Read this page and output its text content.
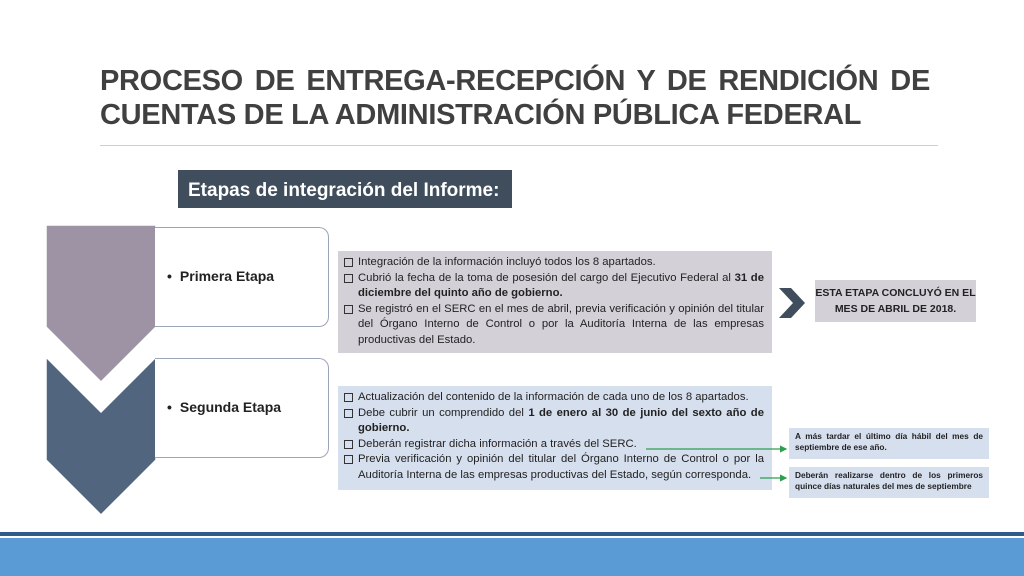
PROCESO DE ENTREGA-RECEPCIÓN Y DE RENDICIÓN DE
CUENTAS DE LA ADMINISTRACIÓN PÚBLICA FEDERAL
Etapas de integración del Informe:
• Primera Etapa
• Segunda Etapa

Integración de la información incluyó todos los 8 apartados.

Cubrió la fecha de la toma de posesión del cargo del Ejecutivo Federal al 31 de diciembre del quinto año de gobierno.

Se registró en el SERC en el mes de abril, previa verificación y opinión del titular del Órgano Interno de Control o por la Auditoría Interna de las empresas productivas del Estado.

Actualización del contenido de la información de cada uno de los 8 apartados.

Debe cubrir un comprendido del 1 de enero al 30 de junio del sexto año de gobierno.

Deberán registrar dicha información a través del SERC.

Previa verificación y opinión del titular del Órgano Interno de Control o por la Auditoría Interna de las empresas productivas del Estado, según corresponda.

ESTA ETAPA CONCLUYÓ EN EL MES DE ABRIL DE 2018.
A más tardar el último día hábil del mes de septiembre de ese año.
Deberán realizarse dentro de los primeros quince días naturales del mes de septiembre
